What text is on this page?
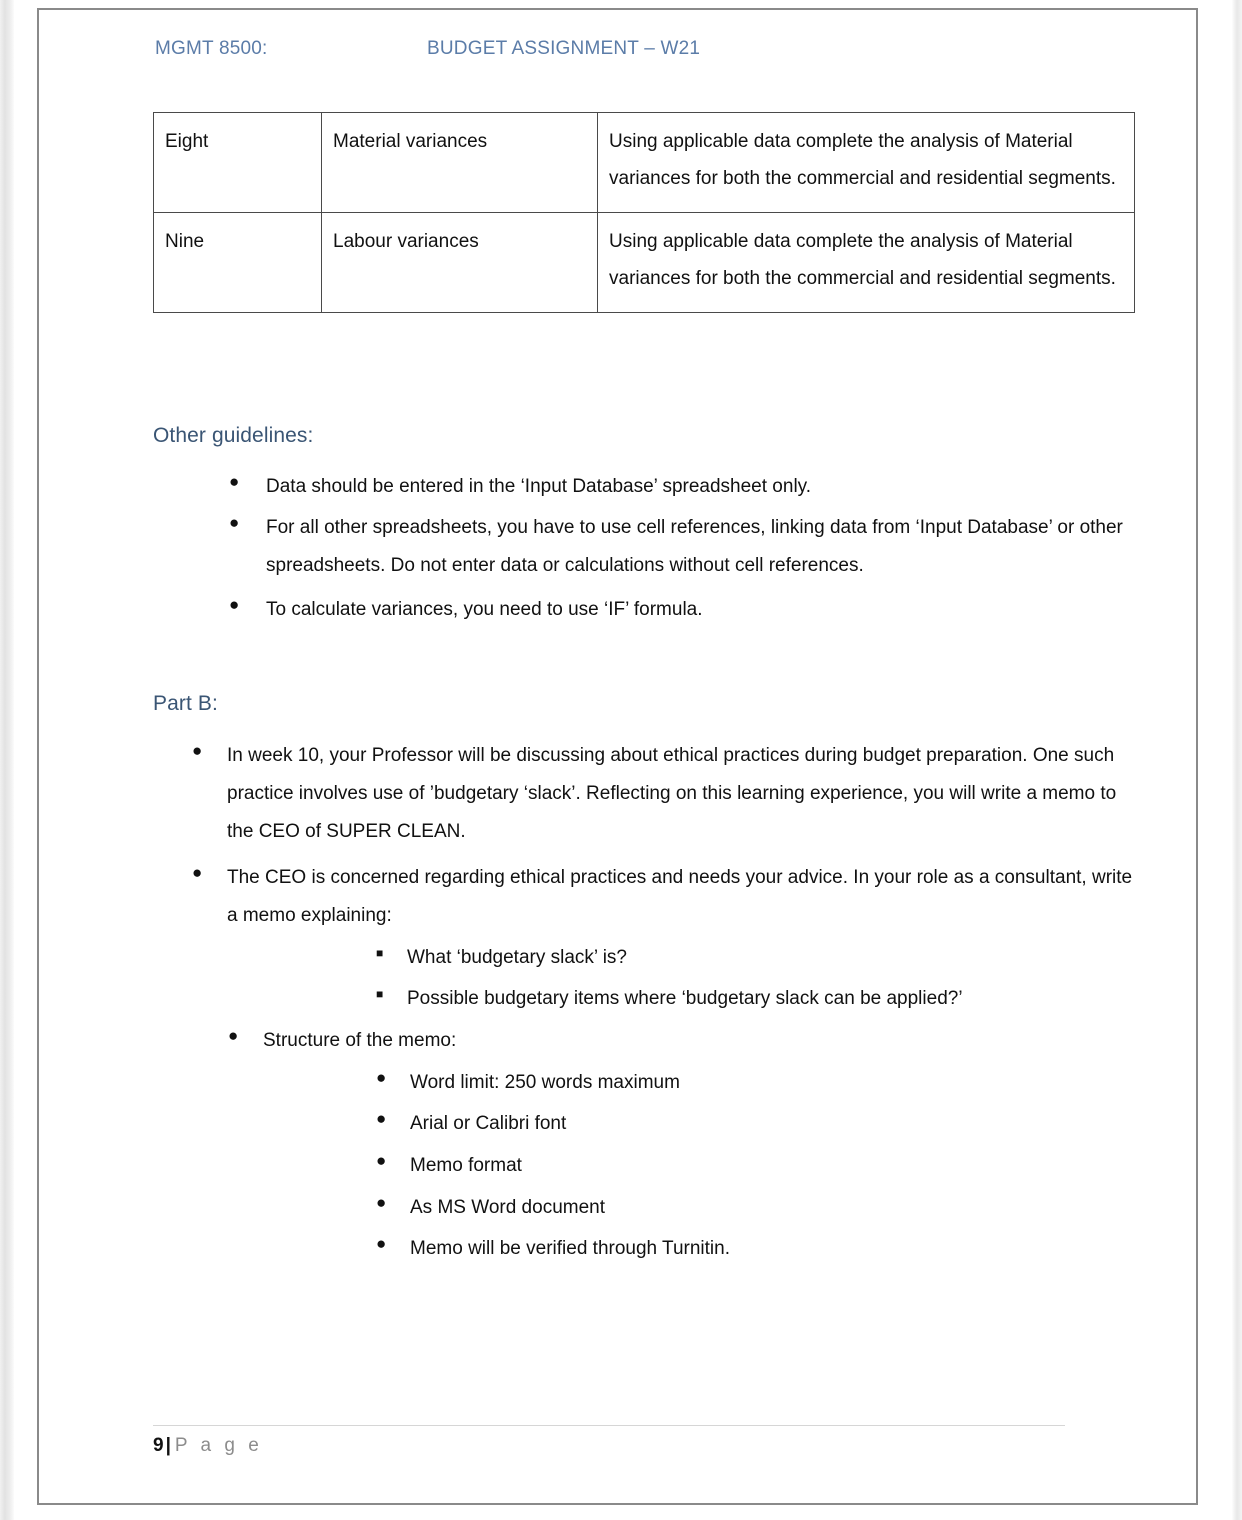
MGMT 8500:	BUDGET ASSIGNMENT – W21
Eight	Material variances	Using applicable data complete the analysis of Material variances for both the commercial and residential segments.
Nine	Labour variances	Using applicable data complete the analysis of Material variances for both the commercial and residential segments.
Other guidelines:
● Data should be entered in the ‘Input Database’ spreadsheet only.
● For all other spreadsheets, you have to use cell references, linking data from ‘Input Database’ or other spreadsheets. Do not enter data or calculations without cell references.
● To calculate variances, you need to use ‘IF’ formula.
Part B:
● In week 10, your Professor will be discussing about ethical practices during budget preparation. One such practice involves use of ’budgetary ‘slack’. Reflecting on this learning experience, you will write a memo to the CEO of SUPER CLEAN.
● The CEO is concerned regarding ethical practices and needs your advice. In your role as a consultant, write a memo explaining:
■ What ‘budgetary slack’ is?
■ Possible budgetary items where ‘budgetary slack can be applied?’
● Structure of the memo:
● Word limit: 250 words maximum
● Arial or Calibri font
● Memo format
● As MS Word document
● Memo will be verified through Turnitin.
9 | P a g e
